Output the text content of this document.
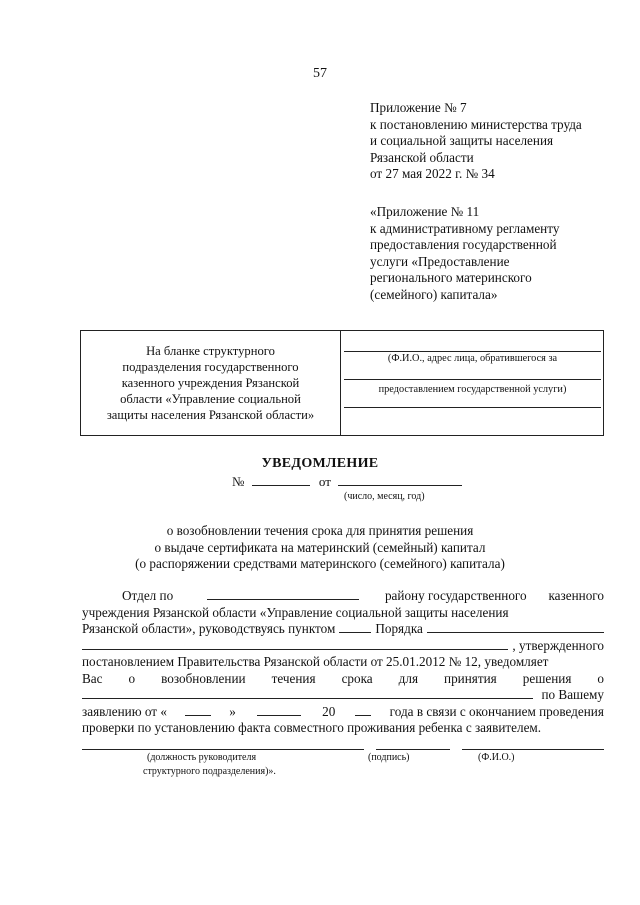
57
Приложение № 7
к постановлению министерства труда
и социальной защиты населения
Рязанской области
от 27 мая 2022 г. № 34
«Приложение № 11
к административному регламенту
предоставления государственной
услуги «Предоставление
регионального материнского
(семейного) капитала»
На бланке структурного
подразделения государственного
казенного учреждения Рязанской
области «Управление социальной
защиты населения Рязанской области»
(Ф.И.О., адрес лица, обратившегося за
предоставлением государственной услуги)
УВЕДОМЛЕНИЕ
№	от
(число, месяц, год)
о возобновлении течения срока для принятия решения
о выдаче сертификата на материнский (семейный) капитал
(о распоряжении средствами материнского (семейного) капитала)
Отдел по	району государственного казенного
учреждения Рязанской области «Управление социальной защиты населения
Рязанской области», руководствуясь пунктом	Порядка
, утвержденного
постановлением Правительства Рязанской области от 25.01.2012 № 12, уведомляет
Вас о возобновлении течения срока для принятия решения о
по Вашему
заявлению от «	»	20	года в связи с окончанием проведения
проверки по установлению факта совместного проживания ребенка с заявителем.
(должность руководителя
структурного подразделения)».
(подпись)	(Ф.И.О.)
